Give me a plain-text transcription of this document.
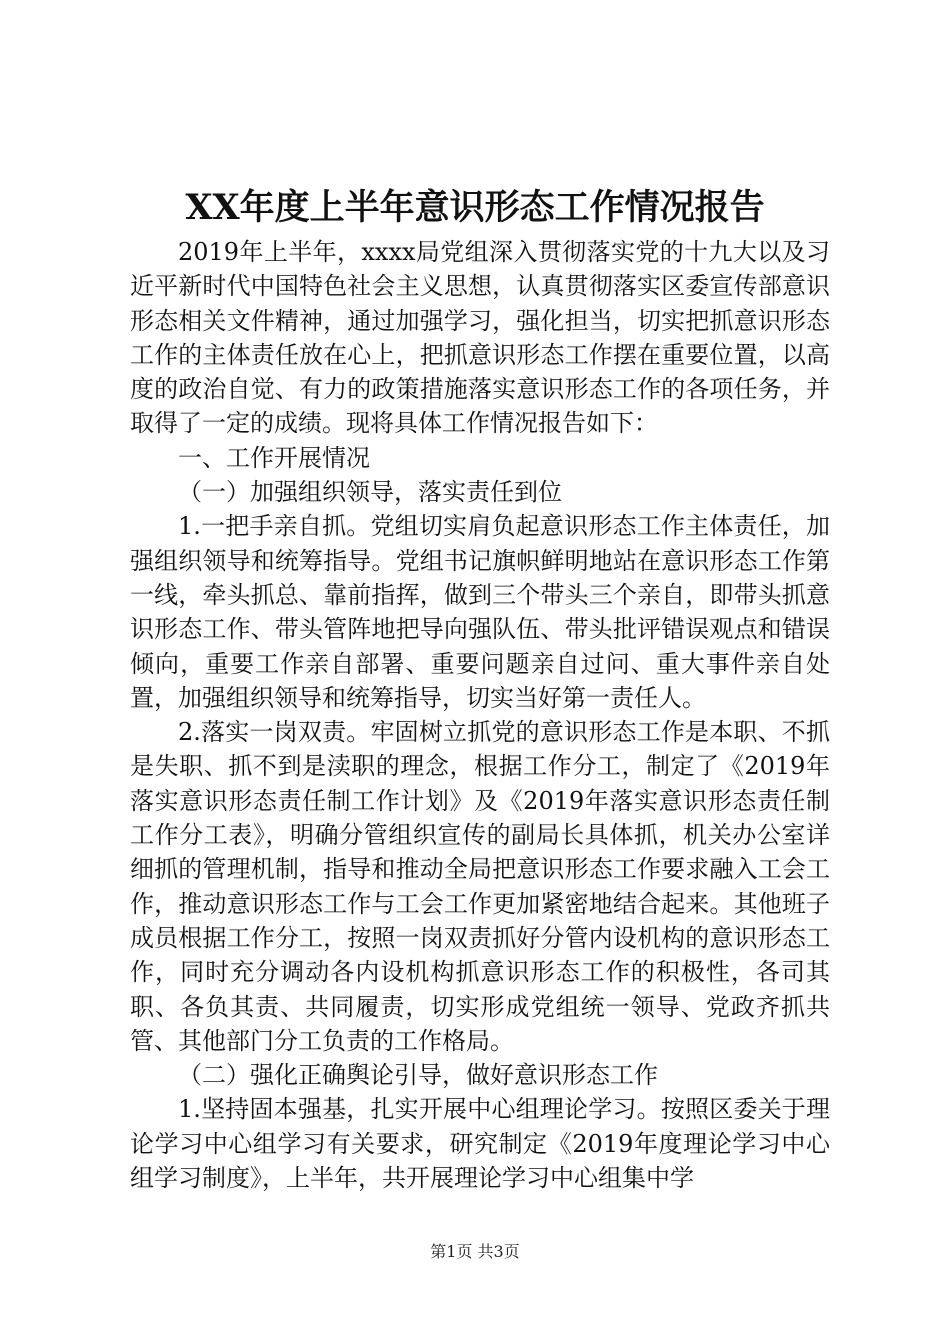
XX年度上半年意识形态工作情况报告

2019年上半年，xxxx局党组深入贯彻落实党的十九大以及习近平新时代中国特色社会主义思想，认真贯彻落实区委宣传部意识形态相关文件精神，通过加强学习，强化担当，切实把抓意识形态工作的主体责任放在心上，把抓意识形态工作摆在重要位置，以高度的政治自觉、有力的政策措施落实意识形态工作的各项任务，并取得了一定的成绩。现将具体工作情况报告如下：

一、工作开展情况

（一）加强组织领导，落实责任到位

1.一把手亲自抓。党组切实肩负起意识形态工作主体责任，加强组织领导和统筹指导。党组书记旗帜鲜明地站在意识形态工作第一线，牵头抓总、靠前指挥，做到三个带头三个亲自，即带头抓意识形态工作、带头管阵地把导向强队伍、带头批评错误观点和错误倾向，重要工作亲自部署、重要问题亲自过问、重大事件亲自处置，加强组织领导和统筹指导，切实当好第一责任人。

2.落实一岗双责。牢固树立抓党的意识形态工作是本职、不抓是失职、抓不到是渎职的理念，根据工作分工，制定了《2019年落实意识形态责任制工作计划》及《2019年落实意识形态责任制工作分工表》，明确分管组织宣传的副局长具体抓，机关办公室详细抓的管理机制，指导和推动全局把意识形态工作要求融入工会工作，推动意识形态工作与工会工作更加紧密地结合起来。其他班子成员根据工作分工，按照一岗双责抓好分管内设机构的意识形态工作，同时充分调动各内设机构抓意识形态工作的积极性，各司其职、各负其责、共同履责，切实形成党组统一领导、党政齐抓共管、其他部门分工负责的工作格局。

（二）强化正确舆论引导，做好意识形态工作

1.坚持固本强基，扎实开展中心组理论学习。按照区委关于理论学习中心组学习有关要求，研究制定《2019年度理论学习中心组学习制度》，上半年，共开展理论学习中心组集中学

第1页 共3页
